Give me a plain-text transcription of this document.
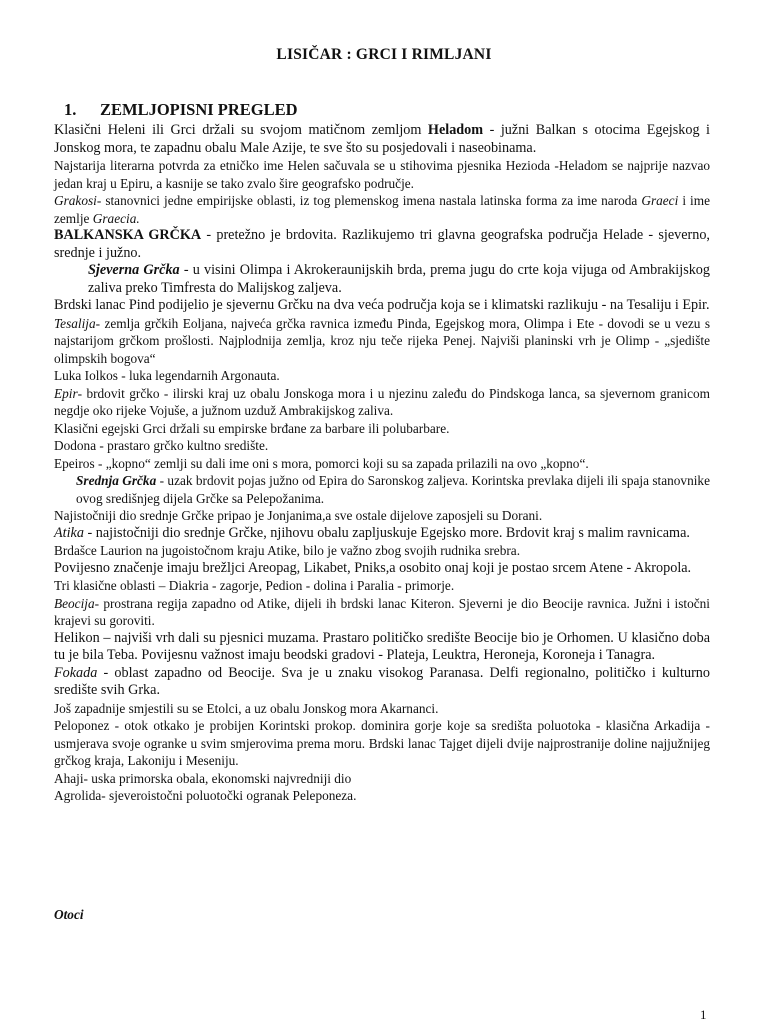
LISIČAR : GRCI I RIMLJANI
1. ZEMLJOPISNI PREGLED

Klasični Heleni ili Grci držali su svojom matičnom zemljom Heladom - južni Balkan s otocima Egejskog i Jonskog mora, te zapadnu obalu Male Azije, te sve što su posjedovali i naseobinama.

Najstarija literarna potvrda za etničko ime Helen sačuvala se u stihovima pjesnika Hezioda -Heladom se najprije nazvao jedan kraj u Epiru, a kasnije se tako zvalo šire geografsko područje.

Grakosi- stanovnici jedne empirijske oblasti, iz tog plemenskog imena nastala latinska forma za ime naroda Graeci i ime zemlje Graecia.

BALKANSKA GRČKA - pretežno je brdovita. Razlikujemo tri glavna geografska područja Helade - sjeverno, srednje i južno.

Sjeverna Grčka - u visini Olimpa i Akrokeraunijskih brda, prema jugu do crte koja vijuga od Ambrakijskog zaliva preko Timfresta do Malijskog zaljeva.

Brdski lanac Pind podijelio je sjevernu Grčku na dva veća područja koja se i klimatski razlikuju - na Tesaliju i Epir.

Tesalija- zemlja grčkih Eoljana, najveća grčka ravnica između Pinda, Egejskog mora, Olimpa i Ete - dovodi se u vezu s najstarijom grčkom prošlosti. Najplodnija zemlja, kroz nju teče rijeka Penej. Najviši planinski vrh je Olimp - „sjedište olimpskih bogova“

Luka Iolkos - luka legendarnih Argonauta.

Epir- brdovit grčko - ilirski kraj uz obalu Jonskoga mora i u njezinu zaleđu do Pindskoga lanca, sa sjevernom granicom negdje oko rijeke Vojuše, a južnom uzduž Ambrakijskog zaliva.

Klasični egejski Grci držali su empirske brđane za barbare ili polubarbare.

Dodona - prastaro grčko kultno središte.

Epeiros - „kopno“ zemlji su dali ime oni s mora, pomorci koji su sa zapada prilazili na ovo „kopno“.

Srednja Grčka - uzak brdovit pojas južno od Epira do Saronskog zaljeva. Korintska prevlaka dijeli ili spaja stanovnike ovog središnjeg dijela Grčke sa Pelepožanima.

Najistočniji dio srednje Grčke pripao je Jonjanima,a sve ostale dijelove zaposjeli su Dorani.

Atika - najistočniji dio srednje Grčke, njihovu obalu zapljuskuje Egejsko more. Brdovit kraj s malim ravnicama.

Brdašce Laurion na jugoistočnom kraju Atike, bilo je važno zbog svojih rudnika srebra.

Povijesno značenje imaju brežljci Areopag, Likabet, Pniks,a osobito onaj koji je postao srcem Atene - Akropola.

Tri klasične oblasti – Diakria - zagorje, Pedion - dolina i Paralia - primorje.

Beocija- prostrana regija zapadno od Atike, dijeli ih brdski lanac Kiteron. Sjeverni je dio Beocije ravnica. Južni i istočni krajevi su goroviti.

Helikon – najviši vrh dali su pjesnici muzama. Prastaro političko središte Beocije bio je Orhomen. U klasično doba tu je bila Teba. Povijesnu važnost imaju beodski gradovi - Plateja, Leuktra, Heroneja, Koroneja i Tanagra.

Fokada - oblast zapadno od Beocije. Sva je u znaku visokog Paranasa. Delfi regionalno, političko i kulturno središte svih Grka.

Još zapadnije smjestili su se Etolci, a uz obalu Jonskog mora Akarnanci.

Peloponez - otok otkako je probijen Korintski prokop. dominira gorje koje sa središta poluotoka - klasična Arkadija - usmjerava svoje ogranke u svim smjerovima prema moru. Brdski lanac Tajget dijeli dvije najprostranije doline najjužnijeg grčkog kraja, Lakoniju i Meseniju.

Ahaji- uska primorska obala, ekonomski najvredniji dio

Agrolida- sjeveroistočni poluotočki ogranak Peleponeza.

Otoci
1
